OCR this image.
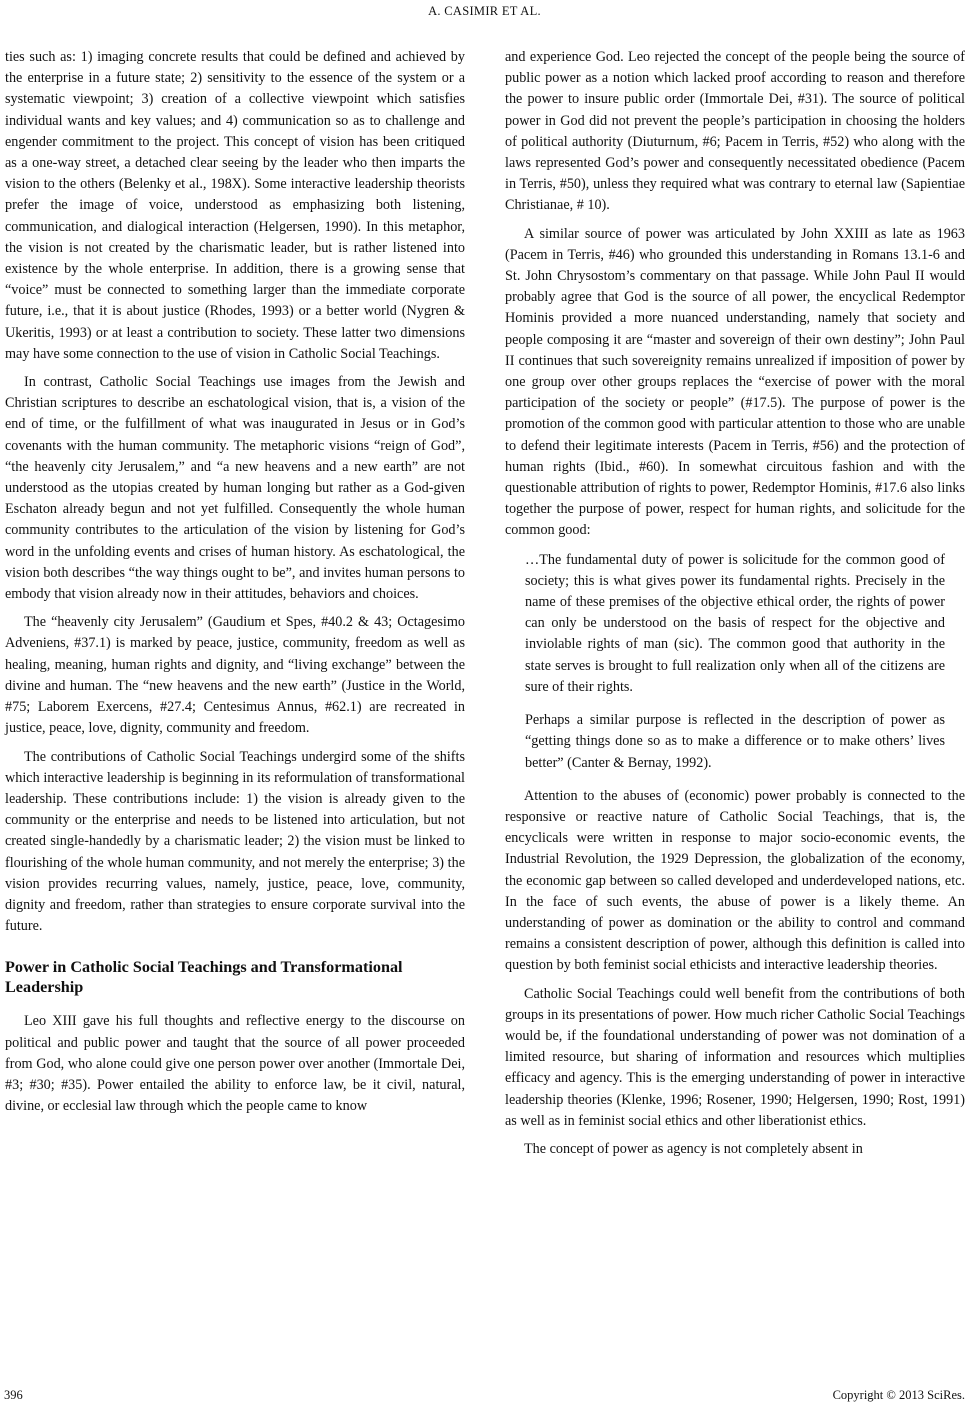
A. CASIMIR ET AL.

ties such as: 1) imaging concrete results that could be defined and achieved by the enterprise in a future state; 2) sensitivity to the essence of the system or a systematic viewpoint; 3) creation of a collective viewpoint which satisfies individual wants and key values; and 4) communication so as to challenge and engender commitment to the project. This concept of vision has been critiqued as a one-way street, a detached clear seeing by the leader who then imparts the vision to the others (Belenky et al., 198X). Some interactive leadership theorists prefer the image of voice, understood as emphasizing both listening, communication, and dialogical interaction (Helgersen, 1990). In this metaphor, the vision is not created by the charismatic leader, but is rather listened into existence by the whole enterprise. In addition, there is a growing sense that “voice” must be connected to something larger than the immediate corporate future, i.e., that it is about justice (Rhodes, 1993) or a better world (Nygren & Ukeritis, 1993) or at least a contribution to society. These latter two dimensions may have some connection to the use of vision in Catholic Social Teachings.

In contrast, Catholic Social Teachings use images from the Jewish and Christian scriptures to describe an eschatological vision, that is, a vision of the end of time, or the fulfillment of what was inaugurated in Jesus or in God’s covenants with the human community. The metaphoric visions “reign of God”, “the heavenly city Jerusalem,” and “a new heavens and a new earth” are not understood as the utopias created by human longing but rather as a God-given Eschaton already begun and not yet fulfilled. Consequently the whole human community contributes to the articulation of the vision by listening for God’s word in the unfolding events and crises of human history. As eschatological, the vision both describes “the way things ought to be”, and invites human persons to embody that vision already now in their attitudes, behaviors and choices.

The “heavenly city Jerusalem” (Gaudium et Spes, #40.2 & 43; Octagesimo Adveniens, #37.1) is marked by peace, justice, community, freedom as well as healing, meaning, human rights and dignity, and “living exchange” between the divine and human. The “new heavens and the new earth” (Justice in the World, #75; Laborem Exercens, #27.4; Centesimus Annus, #62.1) are recreated in justice, peace, love, dignity, community and freedom.

The contributions of Catholic Social Teachings undergird some of the shifts which interactive leadership is beginning in its reformulation of transformational leadership. These contributions include: 1) the vision is already given to the community or the enterprise and needs to be listened into articulation, but not created single-handedly by a charismatic leader; 2) the vision must be linked to flourishing of the whole human community, and not merely the enterprise; 3) the vision provides recurring values, namely, justice, peace, love, community, dignity and freedom, rather than strategies to ensure corporate survival into the future.

Power in Catholic Social Teachings and Transformational Leadership

Leo XIII gave his full thoughts and reflective energy to the discourse on political and public power and taught that the source of all power proceeded from God, who alone could give one person power over another (Immortale Dei, #3; #30; #35). Power entailed the ability to enforce law, be it civil, natural, divine, or ecclesial law through which the people came to know

and experience God. Leo rejected the concept of the people being the source of public power as a notion which lacked proof according to reason and therefore the power to insure public order (Immortale Dei, #31). The source of political power in God did not prevent the people’s participation in choosing the holders of political authority (Diuturnum, #6; Pacem in Terris, #52) who along with the laws represented God’s power and consequently necessitated obedience (Pacem in Terris, #50), unless they required what was contrary to eternal law (Sapientiae Christianae, # 10).

A similar source of power was articulated by John XXIII as late as 1963 (Pacem in Terris, #46) who grounded this understanding in Romans 13.1-6 and St. John Chrysostom’s commentary on that passage. While John Paul II would probably agree that God is the source of all power, the encyclical Redemptor Hominis provided a more nuanced understanding, namely that society and people composing it are “master and sovereign of their own destiny”; John Paul II continues that such sovereignity remains unrealized if imposition of power by one group over other groups replaces the “exercise of power with the moral participation of the society or people” (#17.5). The purpose of power is the promotion of the common good with particular attention to those who are unable to defend their legitimate interests (Pacem in Terris, #56) and the protection of human rights (Ibid., #60). In somewhat circuitous fashion and with the questionable attribution of rights to power, Redemptor Hominis, #17.6 also links together the purpose of power, respect for human rights, and solicitude for the common good:

…The fundamental duty of power is solicitude for the common good of society; this is what gives power its fundamental rights. Precisely in the name of these premises of the objective ethical order, the rights of power can only be understood on the basis of respect for the objective and inviolable rights of man (sic). The common good that authority in the state serves is brought to full realization only when all of the citizens are sure of their rights.

Perhaps a similar purpose is reflected in the description of power as “getting things done so as to make a difference or to make others’ lives better” (Canter & Bernay, 1992).

Attention to the abuses of (economic) power probably is connected to the responsive or reactive nature of Catholic Social Teachings, that is, the encyclicals were written in response to major socio-economic events, the Industrial Revolution, the 1929 Depression, the globalization of the economy, the economic gap between so called developed and underdeveloped nations, etc. In the face of such events, the abuse of power is a likely theme. An understanding of power as domination or the ability to control and command remains a consistent description of power, although this definition is called into question by both feminist social ethicists and interactive leadership theories.

Catholic Social Teachings could well benefit from the contributions of both groups in its presentations of power. How much richer Catholic Social Teachings would be, if the foundational understanding of power was not domination of a limited resource, but sharing of information and resources which multiplies efficacy and agency. This is the emerging understanding of power in interactive leadership theories (Klenke, 1996; Rosener, 1990; Helgersen, 1990; Rost, 1991) as well as in feminist social ethics and other liberationist ethics.

The concept of power as agency is not completely absent in

396	Copyright © 2013 SciRes.
